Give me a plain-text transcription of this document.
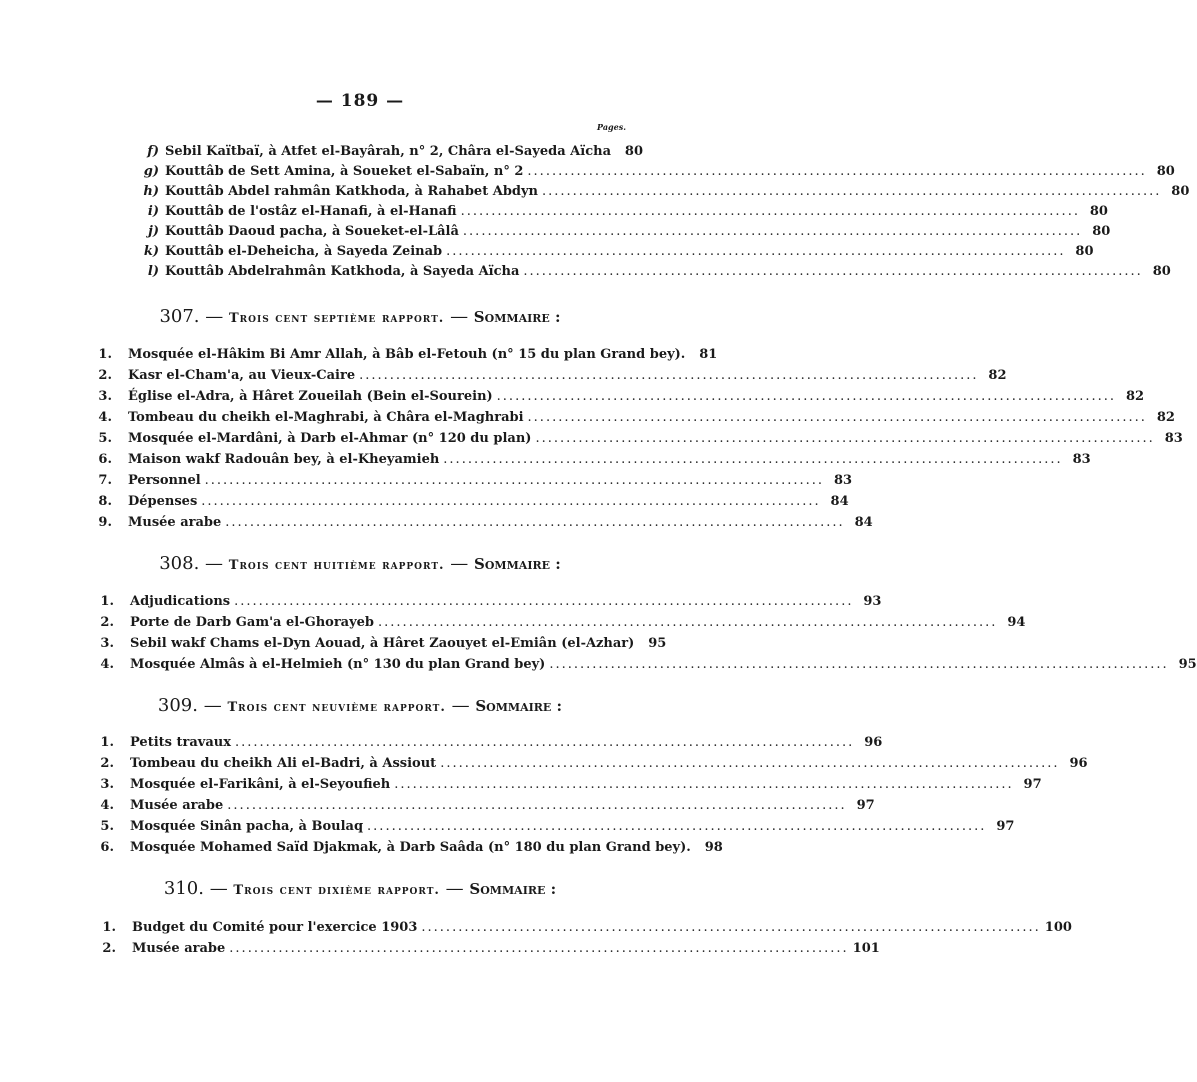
— 189 —
Pages.
f) Sebil Kaïtbaï, à Atfet el-Bayârah, n° 2, Châra el-Sayeda Aïcha	80
g) Kouttâb de Sett Amina, à Soueket el-Sabaïn, n° 2 ..................................................................................................... 80
h) Kouttâb Abdel rahmân Katkhoda, à Rahabet Abdyn ..................................................................................................... 80
i) Kouttâb de l'ostâz el-Hanafi, à el-Hanafi ..................................................................................................... 80
j) Kouttâb Daoud pacha, à Soueket-el-Lâlâ ..................................................................................................... 80
k) Kouttâb el-Deheicha, à Sayeda Zeinab ..................................................................................................... 80
l) Kouttâb Abdelrahmân Katkhoda, à Sayeda Aïcha ..................................................................................................... 80
307. — Trois cent septième rapport. — Sommaire :
1. Mosquée el-Hâkim Bi Amr Allah, à Bâb el-Fetouh (n° 15 du plan Grand bey).	81
2. Kasr el-Cham'a, au Vieux-Caire ..................................................................................................... 82
3. Église el-Adra, à Hâret Zoueilah (Bein el-Sourein) ..................................................................................................... 82
4. Tombeau du cheikh el-Maghrabi, à Châra el-Maghrabi ..................................................................................................... 82
5. Mosquée el-Mardâni, à Darb el-Ahmar (n° 120 du plan) ..................................................................................................... 83
6. Maison wakf Radouân bey, à el-Kheyamieh ..................................................................................................... 83
7. Personnel ..................................................................................................... 83
8. Dépenses ..................................................................................................... 84
9. Musée arabe ..................................................................................................... 84
308. — Trois cent huitième rapport. — Sommaire :
1. Adjudications ..................................................................................................... 93
2. Porte de Darb Gam'a el-Ghorayeb ..................................................................................................... 94
3. Sebil wakf Chams el-Dyn Aouad, à Hâret Zaouyet el-Emiân (el-Azhar)	95
4. Mosquée Almâs à el-Helmieh (n° 130 du plan Grand bey) ..................................................................................................... 95
309. — Trois cent neuvième rapport. — Sommaire :
1. Petits travaux ..................................................................................................... 96
2. Tombeau du cheikh Ali el-Badri, à Assiout ..................................................................................................... 96
3. Mosquée el-Farikâni, à el-Seyoufieh ..................................................................................................... 97
4. Musée arabe ..................................................................................................... 97
5. Mosquée Sinân pacha, à Boulaq ..................................................................................................... 97
6. Mosquée Mohamed Saïd Djakmak, à Darb Saâda (n° 180 du plan Grand bey).	98
310. — Trois cent dixième rapport. — Sommaire :
1. Budget du Comité pour l'exercice 1903 ..................................................................................................... 100
2. Musée arabe ..................................................................................................... 101
